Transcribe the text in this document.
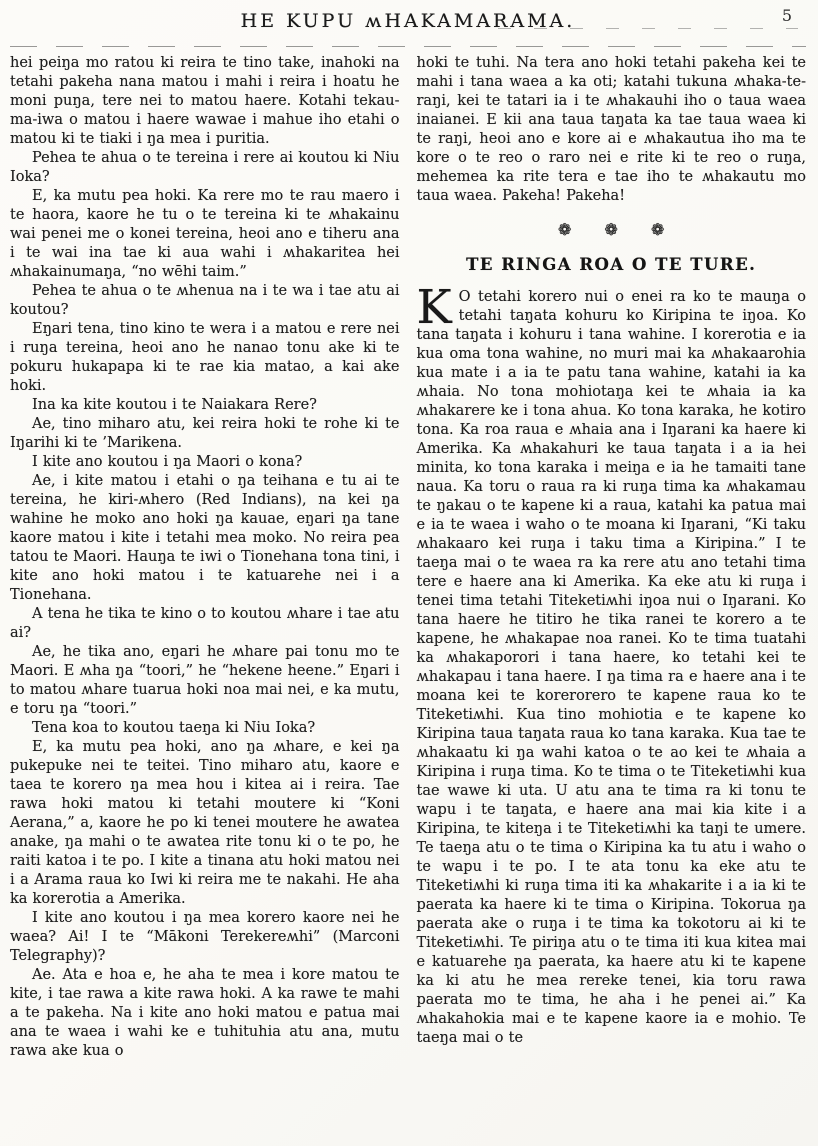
HE KUPU ʍHAKAMARAMA.	5

hei peiŋa mo ratou ki reira te tino take, inahoki na tetahi pakeha nana matou i mahi i reira i hoatu he moni puŋa, tere nei to matou haere. Kotahi tekau-ma-iwa o matou i haere wawae i mahue iho etahi o matou ki te tiaki i ŋa mea i puritia.

Pehea te ahua o te tereina i rere ai koutou ki Niu Ioka?

E, ka mutu pea hoki. Ka rere mo te rau maero i te haora, kaore he tu o te tereina ki te ʍhakainu wai penei me o konei tereina, heoi ano e tiheru ana i te wai ina tae ki aua wahi i ʍhakaritea hei ʍhakainumaŋa, “no wēhi taim.”

Pehea te ahua o te ʍhenua na i te wa i tae atu ai koutou?

Eŋari tena, tino kino te wera i a matou e rere nei i ruŋa tereina, heoi ano he nanao tonu ake ki te pokuru hukapapa ki te rae kia matao, a kai ake hoki.

Ina ka kite koutou i te Naiakara Rere?

Ae, tino miharo atu, kei reira hoki te rohe ki te Iŋarihi ki te ’Marikena.

I kite ano koutou i ŋa Maori o kona?

Ae, i kite matou i etahi o ŋa teihana e tu ai te tereina, he kiri-ʍhero (Red Indians), na kei ŋa wahine he moko ano hoki ŋa kauae, eŋari ŋa tane kaore matou i kite i tetahi mea moko. No reira pea tatou te Maori. Hauŋa te iwi o Tionehana tona tini, i kite ano hoki matou i te katuarehe nei i a Tionehana.

A tena he tika te kino o to koutou ʍhare i tae atu ai?

Ae, he tika ano, eŋari he ʍhare pai tonu mo te Maori. E ʍha ŋa “toori,” he “hekene heene.” Eŋari i to matou ʍhare tuarua hoki noa mai nei, e ka mutu, e toru ŋa “toori.”

Tena koa to koutou taeŋa ki Niu Ioka?

E, ka mutu pea hoki, ano ŋa ʍhare, e kei ŋa pukepuke nei te teitei. Tino miharo atu, kaore e taea te korero ŋa mea hou i kitea ai i reira. Tae rawa hoki matou ki tetahi moutere ki “Koni Aerana,” a, kaore he po ki tenei moutere he awatea anake, ŋa mahi o te awatea rite tonu ki o te po, he raiti katoa i te po. I kite a tinana atu hoki matou nei i a Arama raua ko Iwi ki reira me te nakahi. He aha ka korerotia a Amerika.

I kite ano koutou i ŋa mea korero kaore nei he waea? Ai! I te “Mākoni Terekereʍhi” (Marconi Telegraphy)?

Ae. Ata e hoa e, he aha te mea i kore matou te kite, i tae rawa a kite rawa hoki. A ka rawe te mahi a te pakeha. Na i kite ano hoki matou e patua mai ana te waea i wahi ke e tuhituhia atu ana, mutu rawa ake kua o

hoki te tuhi. Na tera ano hoki tetahi pakeha kei te mahi i tana waea a ka oti; katahi tukuna ʍhaka-te-raŋi, kei te tatari ia i te ʍhakauhi iho o taua waea inaianei. E kii ana taua taŋata ka tae taua waea ki te raŋi, heoi ano e kore ai e ʍhakautua iho ma te kore o te reo o raro nei e rite ki te reo o ruŋa, mehemea ka rite tera e tae iho te ʍhakautu mo taua waea. Pakeha! Pakeha!

❁ ❁ ❁
TE RINGA ROA O TE TURE.

K O tetahi korero nui o enei ra ko te mauŋa o tetahi taŋata kohuru ko Kiripina te iŋoa. Ko tana taŋata i kohuru i tana wahine. I korerotia e ia kua oma tona wahine, no muri mai ka ʍhakaarohia kua mate i a ia te patu tana wahine, katahi ia ka ʍhaia. No tona mohiotaŋa kei te ʍhaia ia ka ʍhakarere ke i tona ahua. Ko tona karaka, he kotiro tona. Ka roa raua e ʍhaia ana i Iŋarani ka haere ki Amerika. Ka ʍhakahuri ke taua taŋata i a ia hei minita, ko tona karaka i meiŋa e ia he tamaiti tane naua. Ka toru o raua ra ki ruŋa tima ka ʍhakamau te ŋakau o te kapene ki a raua, katahi ka patua mai e ia te waea i waho o te moana ki Iŋarani, “Ki taku ʍhakaaro kei ruŋa i taku tima a Kiripina.” I te taeŋa mai o te waea ra ka rere atu ano tetahi tima tere e haere ana ki Amerika. Ka eke atu ki ruŋa i tenei tima tetahi Titeketiʍhi iŋoa nui o Iŋarani. Ko tana haere he titiro he tika ranei te korero a te kapene, he ʍhakapae noa ranei. Ko te tima tuatahi ka ʍhakaporori i tana haere, ko tetahi kei te ʍhakapau i tana haere. I ŋa tima ra e haere ana i te moana kei te korerorero te kapene raua ko te Titeketiʍhi. Kua tino mohiotia e te kapene ko Kiripina taua taŋata raua ko tana karaka. Kua tae te ʍhakaatu ki ŋa wahi katoa o te ao kei te ʍhaia a Kiripina i ruŋa tima. Ko te tima o te Titeketiʍhi kua tae wawe ki uta. U atu ana te tima ra ki tonu te wapu i te taŋata, e haere ana mai kia kite i a Kiripina, te kiteŋa i te Titeketiʍhi ka taŋi te umere. Te taeŋa atu o te tima o Kiripina ka tu atu i waho o te wapu i te po. I te ata tonu ka eke atu te Titeketiʍhi ki ruŋa tima iti ka ʍhakarite i a ia ki te paerata ka haere ki te tima o Kiripina. Tokorua ŋa paerata ake o ruŋa i te tima ka tokotoru ai ki te Titeketiʍhi. Te piriŋa atu o te tima iti kua kitea mai e katuarehe ŋa paerata, ka haere atu ki te kapene ka ki atu he mea rereke tenei, kia toru rawa paerata mo te tima, he aha i he penei ai.” Ka ʍhakahokia mai e te kapene kaore ia e mohio. Te taeŋa mai o te
